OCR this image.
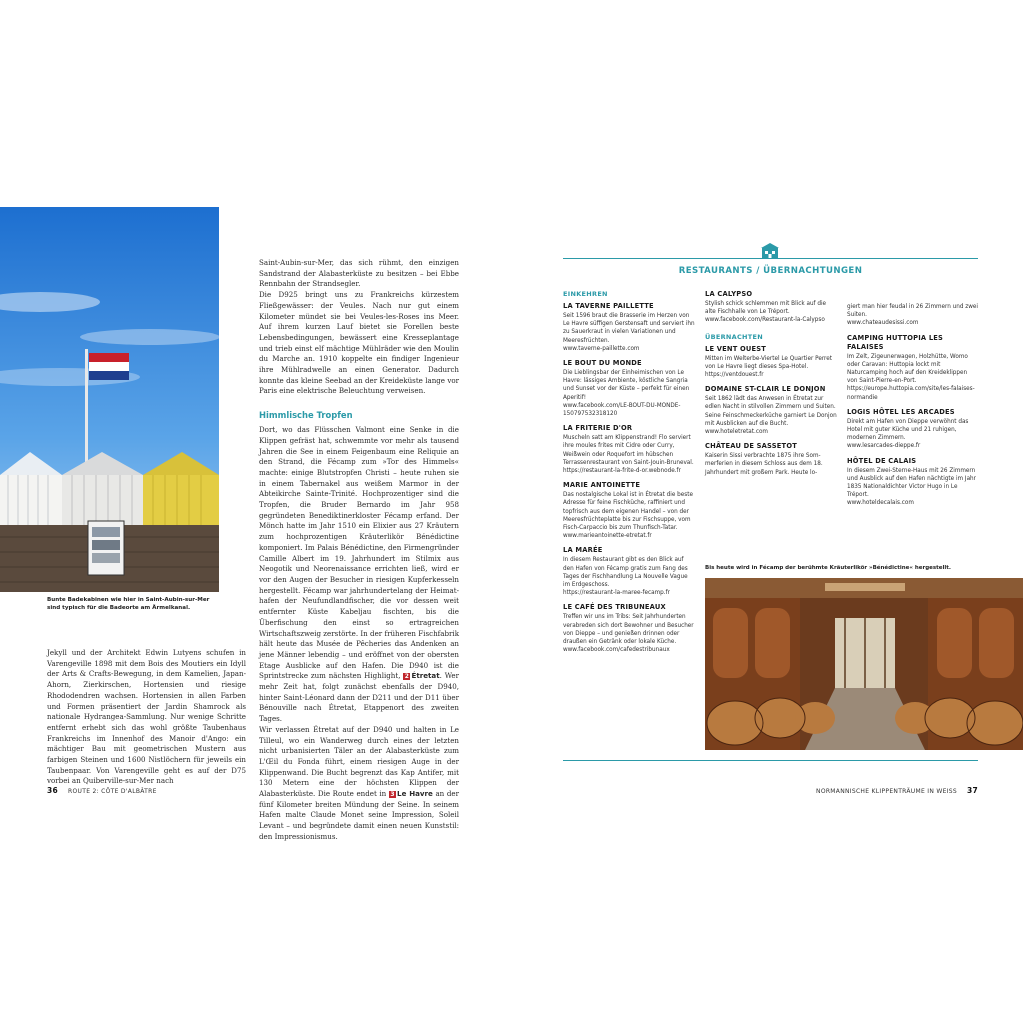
Bunte Badekabinen wie hier in Saint-Aubin-sur-Mer sind typisch für die Badeorte am Ärmelkanal.

Jekyll und der Architekt Edwin Lutyens schufen in Varengeville 1898 mit dem Bois des Moutiers ein Idyll der Arts & Crafts-Bewegung, in dem Kamelien, Japan-Ahorn, Zierkirschen, Hortensien und riesige Rhododendren wachsen. Hortensien in allen Farben und Formen präsentiert der Jardin Shamrock als nationale Hydrangea-Sammlung. Nur wenige Schritte entfernt erhebt sich das wohl größte Taubenhaus Frankreichs im Innenhof des Manoir d'Ango: ein mächtiger Bau mit geometrischen Mustern aus farbigen Steinen und 1600 Nistlöchern für jeweils ein Taubenpaar. Von Varengeville geht es auf der D75 vorbei an Quiberville-sur-Mer nach

Saint-Aubin-sur-Mer, das sich rühmt, den einzigen Sandstrand der Alabasterküste zu besitzen – bei Ebbe Rennbahn der Strandsegler.

Die D925 bringt uns zu Frankreichs kürzestem Fließgewässer: der Veules. Nach nur gut einem Kilometer mündet sie bei Veules-les-Roses ins Meer. Auf ihrem kurzen Lauf bietet sie Forellen beste Lebensbedingungen, bewässert eine Kresseplantage und trieb einst elf mächtige Mühlräder wie den Moulin du Marche an. 1910 koppelte ein findiger Ingenieur ihre Mühlradwelle an einen Generator. Dadurch konnte das kleine Seebad an der Kreideküste lange vor Paris eine elektrische Beleuchtung verweisen.

Himmlische Tropfen

Dort, wo das Flüsschen Valmont eine Senke in die Klippen gefräst hat, schwemmte vor mehr als tausend Jahren die See in einem Feigenbaum eine Reliquie an den Strand, die Fécamp zum »Tor des Himmels« machte: einige Blutstropfen Christi – heute ruhen sie in einem Tabernakel aus weißem Marmor in der Abteikirche Sainte-Trinité. Hochprozentiger sind die Tropfen, die Bruder Bernardo im Jahr 958 gegründeten Benediktinerkloster Fécamp erfand. Der Mönch hatte im Jahr 1510 ein Elixier aus 27 Kräutern zum hochprozentigen Kräuterlikör Bénédictine komponiert. Im Palais Bénédictine, den Firmengründer Camille Albert im 19. Jahrhundert im Stilmix aus Neogotik und Neorenaissance errichten ließ, wird er vor den Augen der Besucher in riesigen Kupferkesseln hergestellt. Fécamp war jahrhundertelang der Heimathafen der Neufundlandfischer, die vor dessen weit entfernter Küste Kabeljau fischten, bis die Überfischung den einst so ertragreichen Wirtschaftszweig zerstörte. In der früheren Fischfabrik hält heute das Musée de Pêcheries das Andenken an jene Männer lebendig – und eröffnet von der obersten Etage Ausblicke auf den Hafen. Die D940 ist die Sprintstrecke zum nächsten Highlight, 2 Étretat. Wer mehr Zeit hat, folgt zunächst ebenfalls der D940, hinter Saint-Léonard dann der D211 und der D11 über Bénouville nach Étretat, Etappenort des zweiten Tages.

Wir verlassen Étretat auf der D940 und halten in Le Tilleul, wo ein Wanderweg durch eines der letzten nicht urbanisierten Täler an der Alabasterküste zum L'Œil du Fonda führt, einem riesigen Auge in der Klippenwand. Die Bucht begrenzt das Kap Antifer, mit 130 Metern eine der höchsten Klippen der Alabasterküste. Die Route endet in 3 Le Havre an der fünf Kilometer breiten Mündung der Seine. In seinem Hafen malte Claude Monet seine Impression, Soleil Levant – und begründete damit einen neuen Kunststil: den Impressionismus.

RESTAURANTS / ÜBERNACHTUNGEN

EINKEHREN

LA TAVERNE PAILLETTE

Seit 1596 braut die Brasserie im Herzen von Le Havre süffigen Gerstensaft und serviert ihn zu Sauerkraut in vielen Variationen und Meeresfrüchten.

www.taverne-paillette.com

LE BOUT DU MONDE

Die Lieblingsbar der Einheimischen von Le Havre: lässiges Ambiente, köstliche Sangria und Sunset vor der Küste – perfekt für einen Aperitif!

www.facebook.com/LE-BOUT-DU-MONDE-150797532318120

LA FRITERIE D'OR

Muscheln satt am Klippenstrand! Flo serviert ihre moules frites mit Cidre oder Curry, Weißwein oder Roquefort im hübschen Terrassenrestaurant von Saint-Jouin-Bruneval.

https://restaurant-la-frite-d-or.webnode.fr

MARIE ANTOINETTE

Das nostalgische Lokal ist in Étretat die beste Adresse für feine Fischküche, raffiniert und topfrisch aus dem eigenen Handel – von der Meeresfrüchteplatte bis zur Fischsuppe, vom Fisch-Carpaccio bis zum Thunfisch-Tatar.

www.marieantoinette-etretat.fr

LA MARÉE

In diesem Restaurant gibt es den Blick auf den Hafen von Fécamp gratis zum Fang des Tages der Fischhandlung La Nouvelle Vague im Erdgeschoss.

https://restaurant-la-maree-fecamp.fr

LE CAFÉ DES TRIBUNEAUX

Treffen wir uns im Tribs: Seit Jahrhunderten verabreden sich dort Bewohner und Besucher von Dieppe – und genießen drinnen oder draußen ein Getränk oder lokale Küche.

www.facebook.com/cafedestribunaux

LA CALYPSO

Stylish schick schlemmen mit Blick auf die alte Fischhalle von Le Tréport.

www.facebook.com/Restaurant-la-Calypso

ÜBERNACHTEN

LE VENT OUEST

Mitten im Welterbe-Viertel Le Quartier Perret von Le Havre liegt dieses Spa-Hotel.

https://ventdouest.fr

DOMAINE ST-CLAIR LE DONJON

Seit 1862 lädt das Anwesen in Étretat zur edlen Nacht in stilvollen Zimmern und Suiten. Seine Feinschmeckerküche garniert Le Donjon mit Ausblicken auf die Bucht.

www.hoteletretat.com

CHÂTEAU DE SASSETOT

Kaiserin Sissi verbrachte 1875 ihre Sommerferien in diesem Schloss aus dem 18. Jahrhundert mit großem Park. Heute lo-

giert man hier feudal in 26 Zimmern und zwei Suiten.

www.chateaudesissi.com

CAMPING HUTTOPIA LES FALAISES

Im Zelt, Zigeunerwagen, Holzhütte, Womo oder Caravan: Huttopia lockt mit Naturcamping hoch auf den Kreideklippen von Saint-Pierre-en-Port.

https://europe.huttopia.com/site/les-falaises-normandie

LOGIS HÔTEL LES ARCADES

Direkt am Hafen von Dieppe verwöhnt das Hotel mit guter Küche und 21 ruhigen, modernen Zimmern.

www.lesarcades-dieppe.fr

HÔTEL DE CALAIS

In diesem Zwei-Sterne-Haus mit 26 Zimmern und Ausblick auf den Hafen nächtigte im Jahr 1835 Nationaldichter Victor Hugo in Le Tréport.

www.hoteldecalais.com

Bis heute wird in Fécamp der berühmte Kräuterlikör »Bénédictine« hergestellt.

36 ROUTE 2: CÔTE D'ALBÂTRE	NORMANNISCHE KLIPPENTRÄUME IN WEISS 37
